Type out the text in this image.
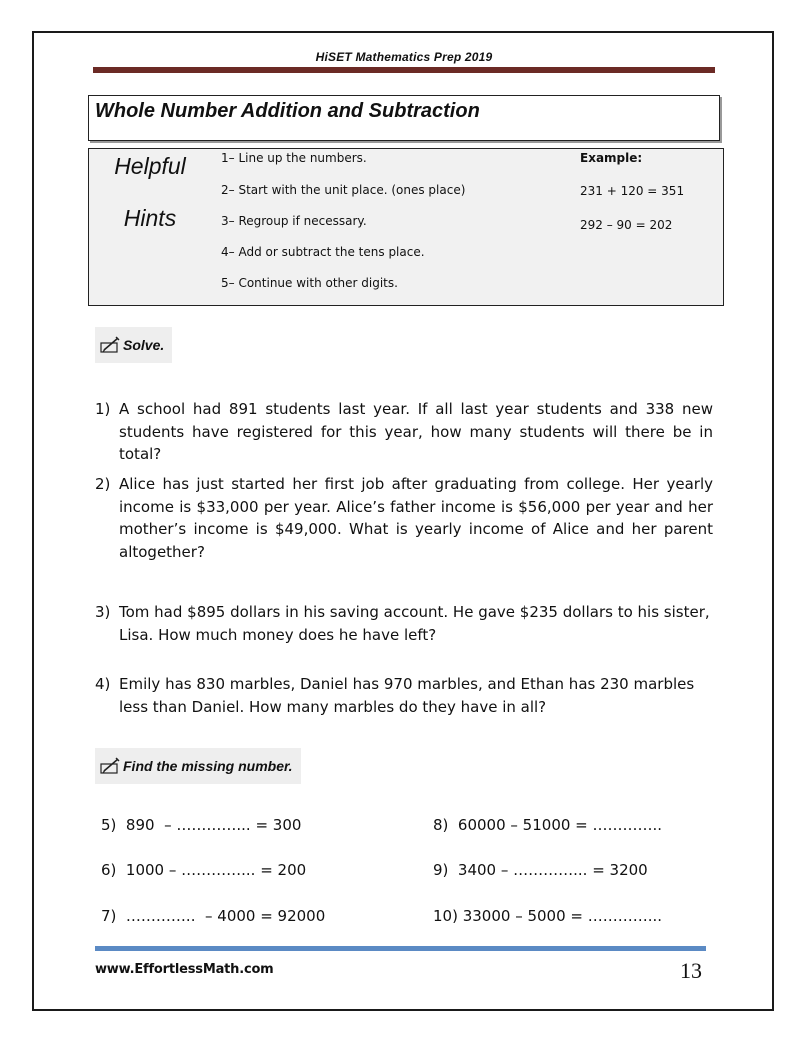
HiSET Mathematics Prep 2019
Whole Number Addition and Subtraction
Helpful
Hints
1– Line up the numbers.
2– Start with the unit place. (ones place)
3– Regroup if necessary.
4– Add or subtract the tens place.
5– Continue with other digits.
Example:
231 + 120 = 351
292 – 90 = 202
Solve.
1) A school had 891 students last year. If all last year students and 338 new students have registered for this year, how many students will there be in total?
2) Alice has just started her first job after graduating from college. Her yearly income is $33,000 per year. Alice’s father income is $56,000 per year and her mother’s income is $49,000. What is yearly income of Alice and her parent altogether?
3) Tom had $895 dollars in his saving account. He gave $235 dollars to his sister, Lisa. How much money does he have left?
4) Emily has 830 marbles, Daniel has 970 marbles, and Ethan has 230 marbles less than Daniel. How many marbles do they have in all?
Find the missing number.
5)  890  – …………... = 300
6)  1000 – …………... = 200
7)  …………..  – 4000 = 92000
8)  60000 – 51000 = …………..
9)  3400 – …………... = 3200
10) 33000 – 5000 = …………...
www.EffortlessMath.com	13
